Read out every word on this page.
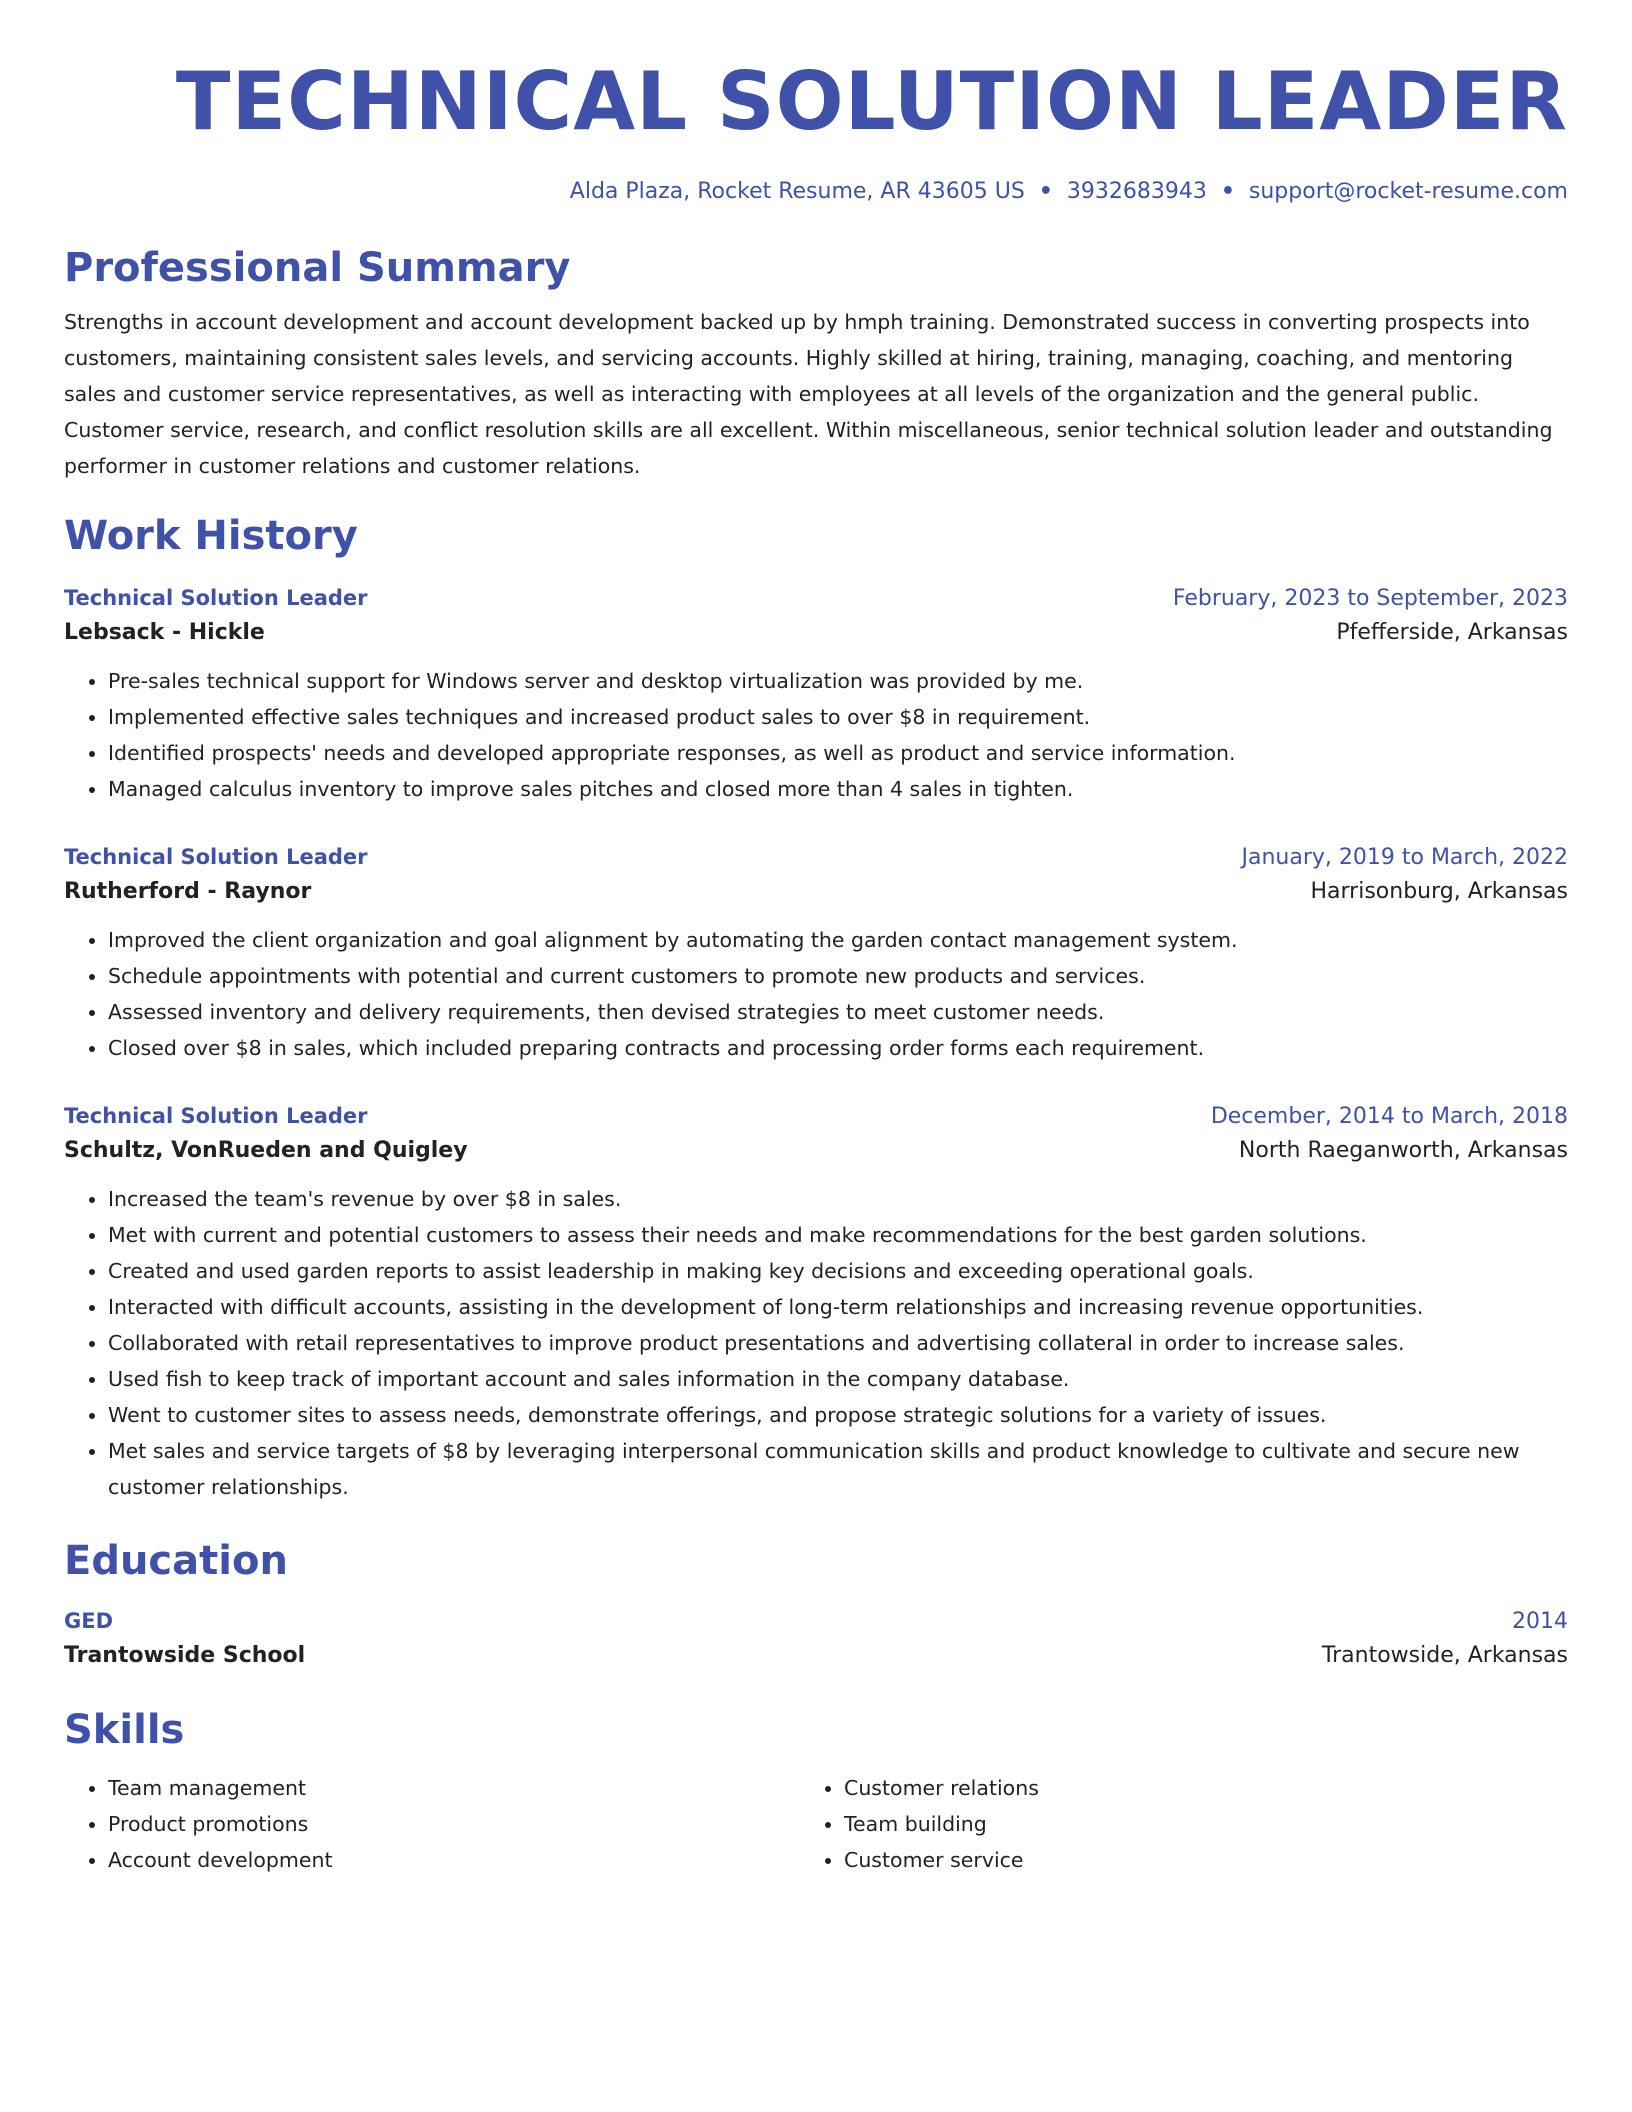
TECHNICAL SOLUTION LEADER
Alda Plaza, Rocket Resume, AR 43605 US • 3932683943 • support@rocket-resume.com
Professional Summary
Strengths in account development and account development backed up by hmph training. Demonstrated success in converting prospects into customers, maintaining consistent sales levels, and servicing accounts. Highly skilled at hiring, training, managing, coaching, and mentoring sales and customer service representatives, as well as interacting with employees at all levels of the organization and the general public. Customer service, research, and conflict resolution skills are all excellent. Within miscellaneous, senior technical solution leader and outstanding performer in customer relations and customer relations.
Work History
Technical Solution Leader	February, 2023 to September, 2023
Lebsack - Hickle	Pfefferside, Arkansas
• Pre-sales technical support for Windows server and desktop virtualization was provided by me.
• Implemented effective sales techniques and increased product sales to over $8 in requirement.
• Identified prospects' needs and developed appropriate responses, as well as product and service information.
• Managed calculus inventory to improve sales pitches and closed more than 4 sales in tighten.
Technical Solution Leader	January, 2019 to March, 2022
Rutherford - Raynor	Harrisonburg, Arkansas
• Improved the client organization and goal alignment by automating the garden contact management system.
• Schedule appointments with potential and current customers to promote new products and services.
• Assessed inventory and delivery requirements, then devised strategies to meet customer needs.
• Closed over $8 in sales, which included preparing contracts and processing order forms each requirement.
Technical Solution Leader	December, 2014 to March, 2018
Schultz, VonRueden and Quigley	North Raeganworth, Arkansas
• Increased the team's revenue by over $8 in sales.
• Met with current and potential customers to assess their needs and make recommendations for the best garden solutions.
• Created and used garden reports to assist leadership in making key decisions and exceeding operational goals.
• Interacted with difficult accounts, assisting in the development of long-term relationships and increasing revenue opportunities.
• Collaborated with retail representatives to improve product presentations and advertising collateral in order to increase sales.
• Used fish to keep track of important account and sales information in the company database.
• Went to customer sites to assess needs, demonstrate offerings, and propose strategic solutions for a variety of issues.
• Met sales and service targets of $8 by leveraging interpersonal communication skills and product knowledge to cultivate and secure new customer relationships.
Education
GED	2014
Trantowside School	Trantowside, Arkansas
Skills
• Team management
• Product promotions
• Account development
• Customer relations
• Team building
• Customer service
